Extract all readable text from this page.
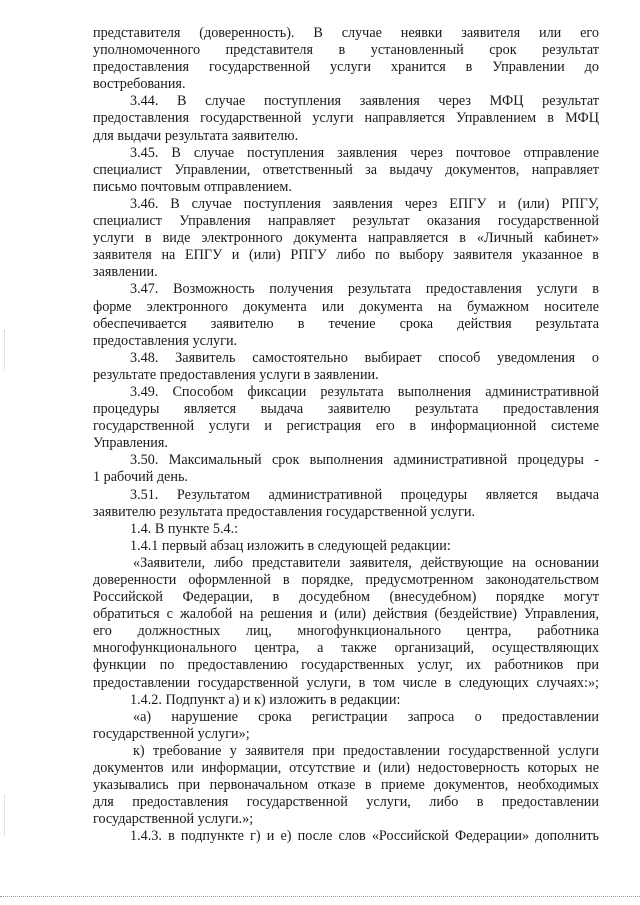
представителя (доверенность). В случае неявки заявителя или его
уполномоченного представителя в установленный срок результат
предоставления государственной услуги хранится в Управлении до
востребования.
3.44. В случае поступления заявления через МФЦ результат
предоставления государственной услуги направляется Управлением в МФЦ
для выдачи результата заявителю.
3.45. В случае поступления заявления через почтовое отправление
специалист Управлении, ответственный за выдачу документов, направляет
письмо почтовым отправлением.
3.46. В случае поступления заявления через ЕПГУ и (или) РПГУ,
специалист Управления направляет результат оказания государственной
услуги в виде электронного документа направляется в «Личный кабинет»
заявителя на ЕПГУ и (или) РПГУ либо по выбору заявителя указанное в
заявлении.
3.47. Возможность получения результата предоставления услуги в
форме электронного документа или документа на бумажном носителе
обеспечивается заявителю в течение срока действия результата
предоставления услуги.
3.48. Заявитель самостоятельно выбирает способ уведомления о
результате предоставления услуги в заявлении.
3.49. Способом фиксации результата выполнения административной
процедуры является выдача заявителю результата предоставления
государственной услуги и регистрация его в информационной системе
Управления.
3.50. Максимальный срок выполнения административной процедуры -
1 рабочий день.
3.51. Результатом административной процедуры является выдача
заявителю результата предоставления государственной услуги.
1.4. В пункте 5.4.:
1.4.1 первый абзац изложить в следующей редакции:
«Заявители, либо представители заявителя, действующие на основании
доверенности оформленной в порядке, предусмотренном законодательством
Российской Федерации, в досудебном (внесудебном) порядке могут
обратиться с жалобой на решения и (или) действия (бездействие) Управления,
его должностных лиц, многофункционального центра, работника
многофункционального центра, а также организаций, осуществляющих
функции по предоставлению государственных услуг, их работников при
предоставлении государственной услуги, в том числе в следующих случаях:»;
1.4.2. Подпункт а) и к) изложить в редакции:
«а) нарушение срока регистрации запроса о предоставлении
государственной услуги»;
к) требование у заявителя при предоставлении государственной услуги
документов или информации, отсутствие и (или) недостоверность которых не
указывались при первоначальном отказе в приеме документов, необходимых
для предоставления государственной услуги, либо в предоставлении
государственной услуги.»;
1.4.3. в подпункте г) и е) после слов «Российской Федерации» дополнить
